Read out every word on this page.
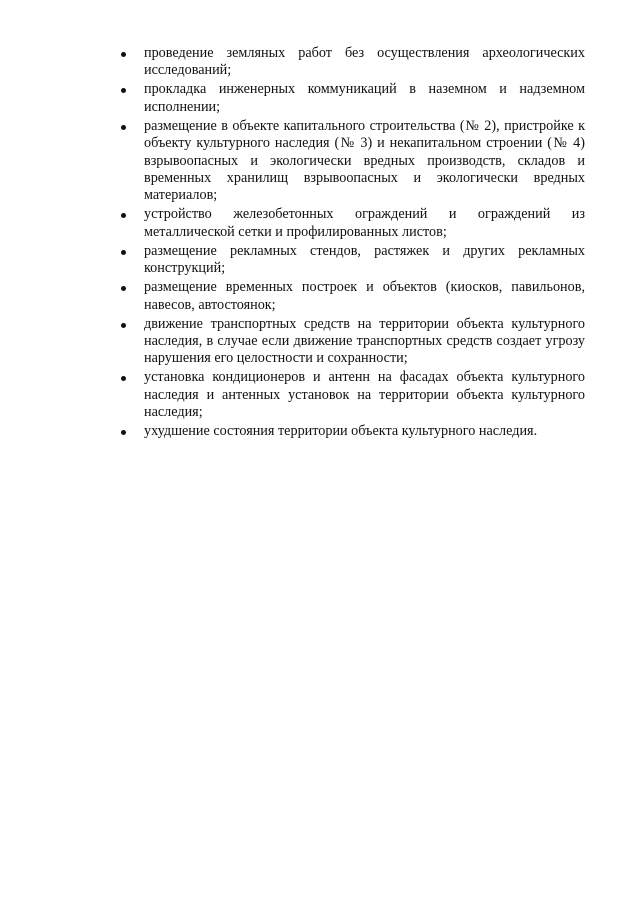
проведение земляных работ без осуществления археологических исследований;
прокладка инженерных коммуникаций в наземном и надземном исполнении;
размещение в объекте капитального строительства (№ 2), пристройке к объекту культурного наследия (№ 3) и некапитальном строении (№ 4) взрывоопасных и экологически вредных производств, складов и временных хранилищ взрывоопасных и экологически вредных материалов;
устройство железобетонных ограждений и ограждений из металлической сетки и профилированных листов;
размещение рекламных стендов, растяжек и других рекламных конструкций;
размещение временных построек и объектов (киосков, павильонов, навесов, автостоянок;
движение транспортных средств на территории объекта культурного наследия, в случае если движение транспортных средств создает угрозу нарушения его целостности и сохранности;
установка кондиционеров и антенн на фасадах объекта культурного наследия и антенных установок на территории объекта культурного наследия;
ухудшение состояния территории объекта культурного наследия.
